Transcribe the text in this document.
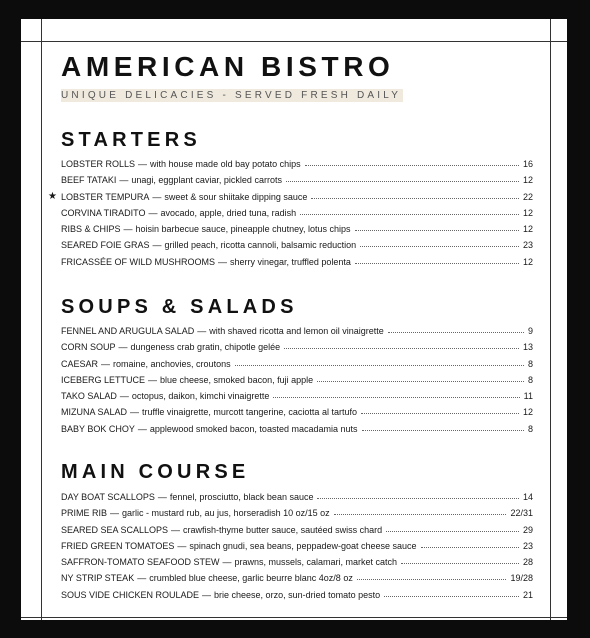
AMERICAN BISTRO
UNIQUE DELICACIES - SERVED FRESH DAILY
STARTERS
LOBSTER ROLLS — with house made old bay potato chips	16
BEEF TATAKI — unagi, eggplant caviar, pickled carrots	12
★ LOBSTER TEMPURA — sweet & sour shiitake dipping sauce	22
CORVINA TIRADITO — avocado, apple, dried tuna, radish	12
RIBS & CHIPS — hoisin barbecue sauce, pineapple chutney, lotus chips	12
SEARED FOIE GRAS — grilled peach, ricotta cannoli, balsamic reduction	23
FRICASSÉE OF WILD MUSHROOMS — sherry vinegar, truffled polenta	12
SOUPS & SALADS
FENNEL AND ARUGULA SALAD — with shaved ricotta and lemon oil vinaigrette	9
CORN SOUP — dungeness crab gratin, chipotle gelée	13
CAESAR — romaine, anchovies, croutons	8
ICEBERG LETTUCE — blue cheese, smoked bacon, fuji apple	8
TAKO SALAD — octopus, daikon, kimchi vinaigrette	11
MIZUNA SALAD — truffle vinaigrette, murcott tangerine, caciotta al tartufo	12
BABY BOK CHOY — applewood smoked bacon, toasted macadamia nuts	8
MAIN COURSE
DAY BOAT SCALLOPS — fennel, prosciutto, black bean sauce	14
PRIME RIB — garlic - mustard rub, au jus, horseradish 10 oz/15 oz	22/31
SEARED SEA SCALLOPS — crawfish-thyme butter sauce, sautéed swiss chard	29
FRIED GREEN TOMATOES — spinach gnudi, sea beans, peppadew-goat cheese sauce	23
SAFFRON-TOMATO SEAFOOD STEW — prawns, mussels, calamari, market catch	28
NY STRIP STEAK — crumbled blue cheese, garlic beurre blanc 4oz/8 oz	19/28
SOUS VIDE CHICKEN ROULADE — brie cheese, orzo, sun-dried tomato pesto	21
